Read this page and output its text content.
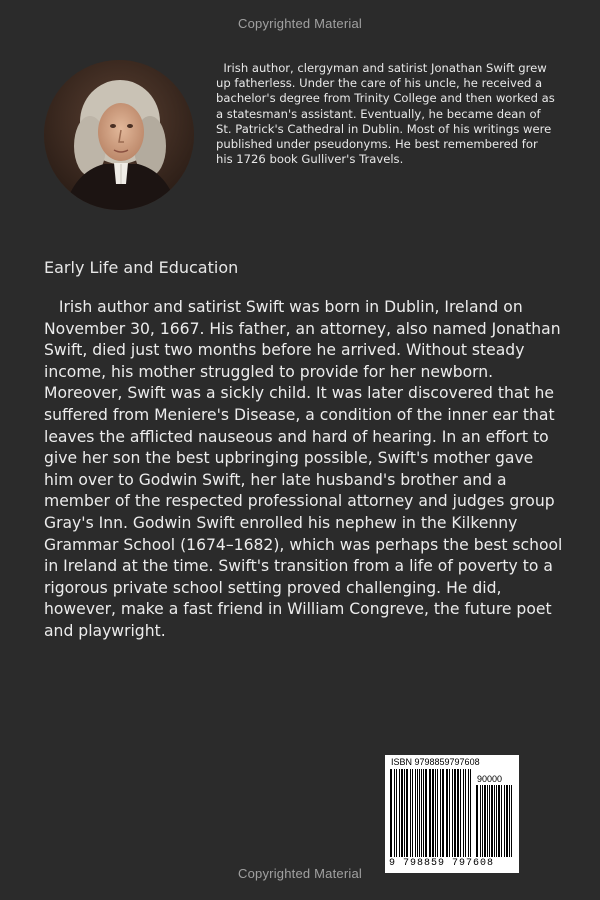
Copyrighted Material
Irish author, clergyman and satirist Jonathan Swift grew up fatherless. Under the care of his uncle, he received a bachelor's degree from Trinity College and then worked as a statesman's assistant. Eventually, he became dean of St. Patrick's Cathedral in Dublin. Most of his writings were published under pseudonyms. He best remembered for his 1726 book Gulliver's Travels.
Early Life and Education
Irish author and satirist Swift was born in Dublin, Ireland on November 30, 1667. His father, an attorney, also named Jonathan Swift, died just two months before he arrived. Without steady income, his mother struggled to provide for her newborn. Moreover, Swift was a sickly child. It was later discovered that he suffered from Meniere's Disease, a condition of the inner ear that leaves the afflicted nauseous and hard of hearing. In an effort to give her son the best upbringing possible, Swift's mother gave him over to Godwin Swift, her late husband's brother and a member of the respected professional attorney and judges group Gray's Inn. Godwin Swift enrolled his nephew in the Kilkenny Grammar School (1674–1682), which was perhaps the best school in Ireland at the time. Swift's transition from a life of poverty to a rigorous private school setting proved challenging. He did, however, make a fast friend in William Congreve, the future poet and playwright.
ISBN 9798859797608
90000
9 798859 797608
Copyrighted Material
